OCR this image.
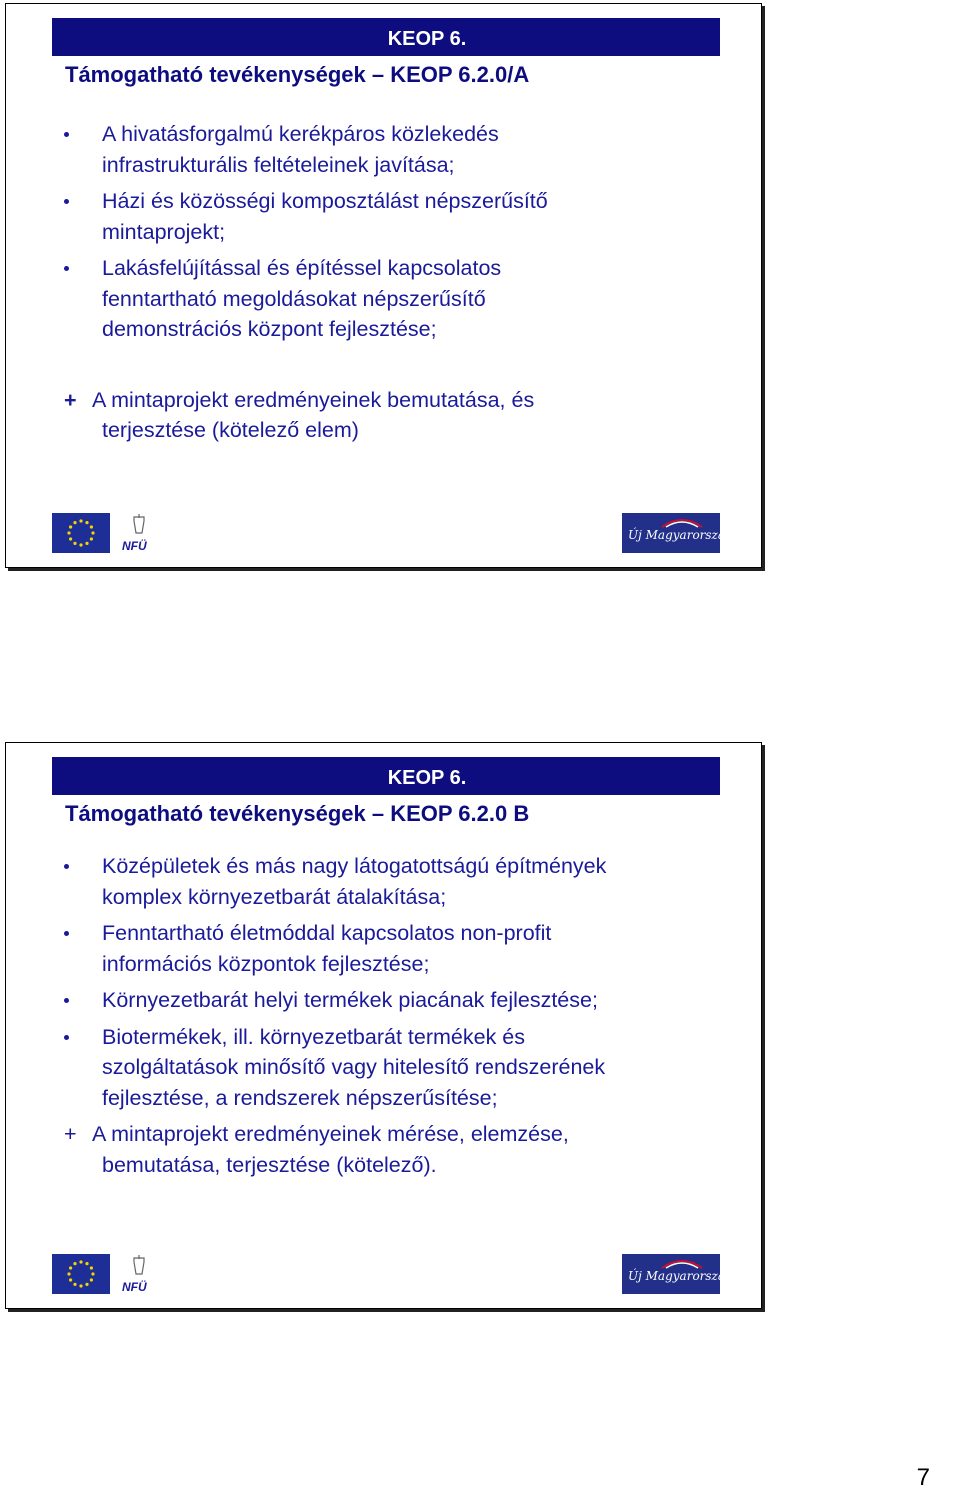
KEOP 6.
Támogatható tevékenységek – KEOP 6.2.0/A
A hivatásforgalmú kerékpáros közlekedés
infrastrukturális feltételeinek javítása;
Házi és közösségi komposztálást népszerűsítő
mintaprojekt;
Lakásfelújítással és építéssel kapcsolatos
fenntartható megoldásokat népszerűsítő
demonstrációs központ fejlesztése;
+ A mintaprojekt eredményeinek bemutatása, és
terjesztése (kötelező elem)
NFÜ
Új Magyarország
KEOP 6.
Támogatható tevékenységek – KEOP 6.2.0 B
Középületek és más nagy látogatottságú építmények
komplex környezetbarát átalakítása;
Fenntartható életmóddal kapcsolatos non-profit
információs központok fejlesztése;
Környezetbarát helyi termékek piacának fejlesztése;
Biotermékek, ill. környezetbarát termékek és
szolgáltatások minősítő vagy hitelesítő rendszerének
fejlesztése, a rendszerek népszerűsítése;
+ A mintaprojekt eredményeinek mérése, elemzése,
bemutatása, terjesztése (kötelező).
NFÜ
Új Magyarország
7
